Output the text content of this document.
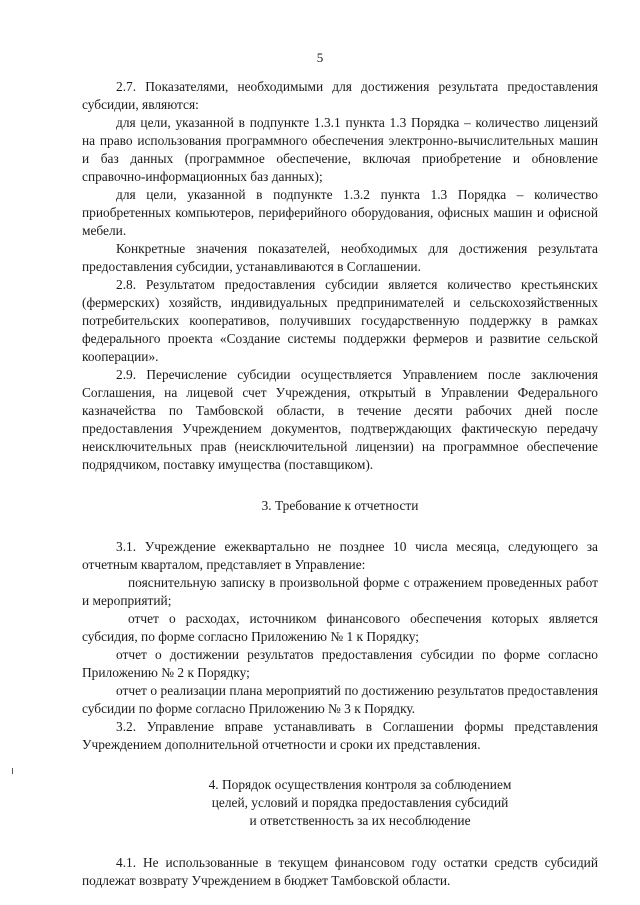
5

2.7. Показателями, необходимыми для достижения результата предоставления субсидии, являются:

для цели, указанной в подпункте 1.3.1 пункта 1.3 Порядка – количество лицензий на право использования программного обеспечения электронно-вычислительных машин и баз данных (программное обеспечение, включая приобретение и обновление справочно-информационных баз данных);

для цели, указанной в подпункте 1.3.2 пункта 1.3 Порядка – количество приобретенных компьютеров, периферийного оборудования, офисных машин и офисной мебели.

Конкретные значения показателей, необходимых для достижения результата предоставления субсидии, устанавливаются в Соглашении.

2.8. Результатом предоставления субсидии является количество крестьянских (фермерских) хозяйств, индивидуальных предпринимателей и сельскохозяйственных потребительских кооперативов, получивших государственную поддержку в рамках федерального проекта «Создание системы поддержки фермеров и развитие сельской кооперации».

2.9. Перечисление субсидии осуществляется Управлением после заключения Соглашения, на лицевой счет Учреждения, открытый в Управлении Федерального казначейства по Тамбовской области, в течение десяти рабочих дней после предоставления Учреждением документов, подтверждающих фактическую передачу неисключительных прав (неисключительной лицензии) на программное обеспечение подрядчиком, поставку имущества (поставщиком).

3. Требование к отчетности

3.1. Учреждение ежеквартально не позднее 10 числа месяца, следующего за отчетным кварталом, представляет в Управление:

пояснительную записку в произвольной форме с отражением проведенных работ и мероприятий;

отчет о расходах, источником финансового обеспечения которых является субсидия, по форме согласно Приложению № 1 к Порядку;

отчет о достижении результатов предоставления субсидии по форме согласно Приложению № 2 к Порядку;

отчет о реализации плана мероприятий по достижению результатов предоставления субсидии по форме согласно Приложению № 3 к Порядку.

3.2. Управление вправе устанавливать в Соглашении формы представления Учреждением дополнительной отчетности и сроки их представления.

4. Порядок осуществления контроля за соблюдением
целей, условий и порядка предоставления субсидий
и ответственность за их несоблюдение

4.1. Не использованные в текущем финансовом году остатки средств субсидий подлежат возврату Учреждением в бюджет Тамбовской области.
